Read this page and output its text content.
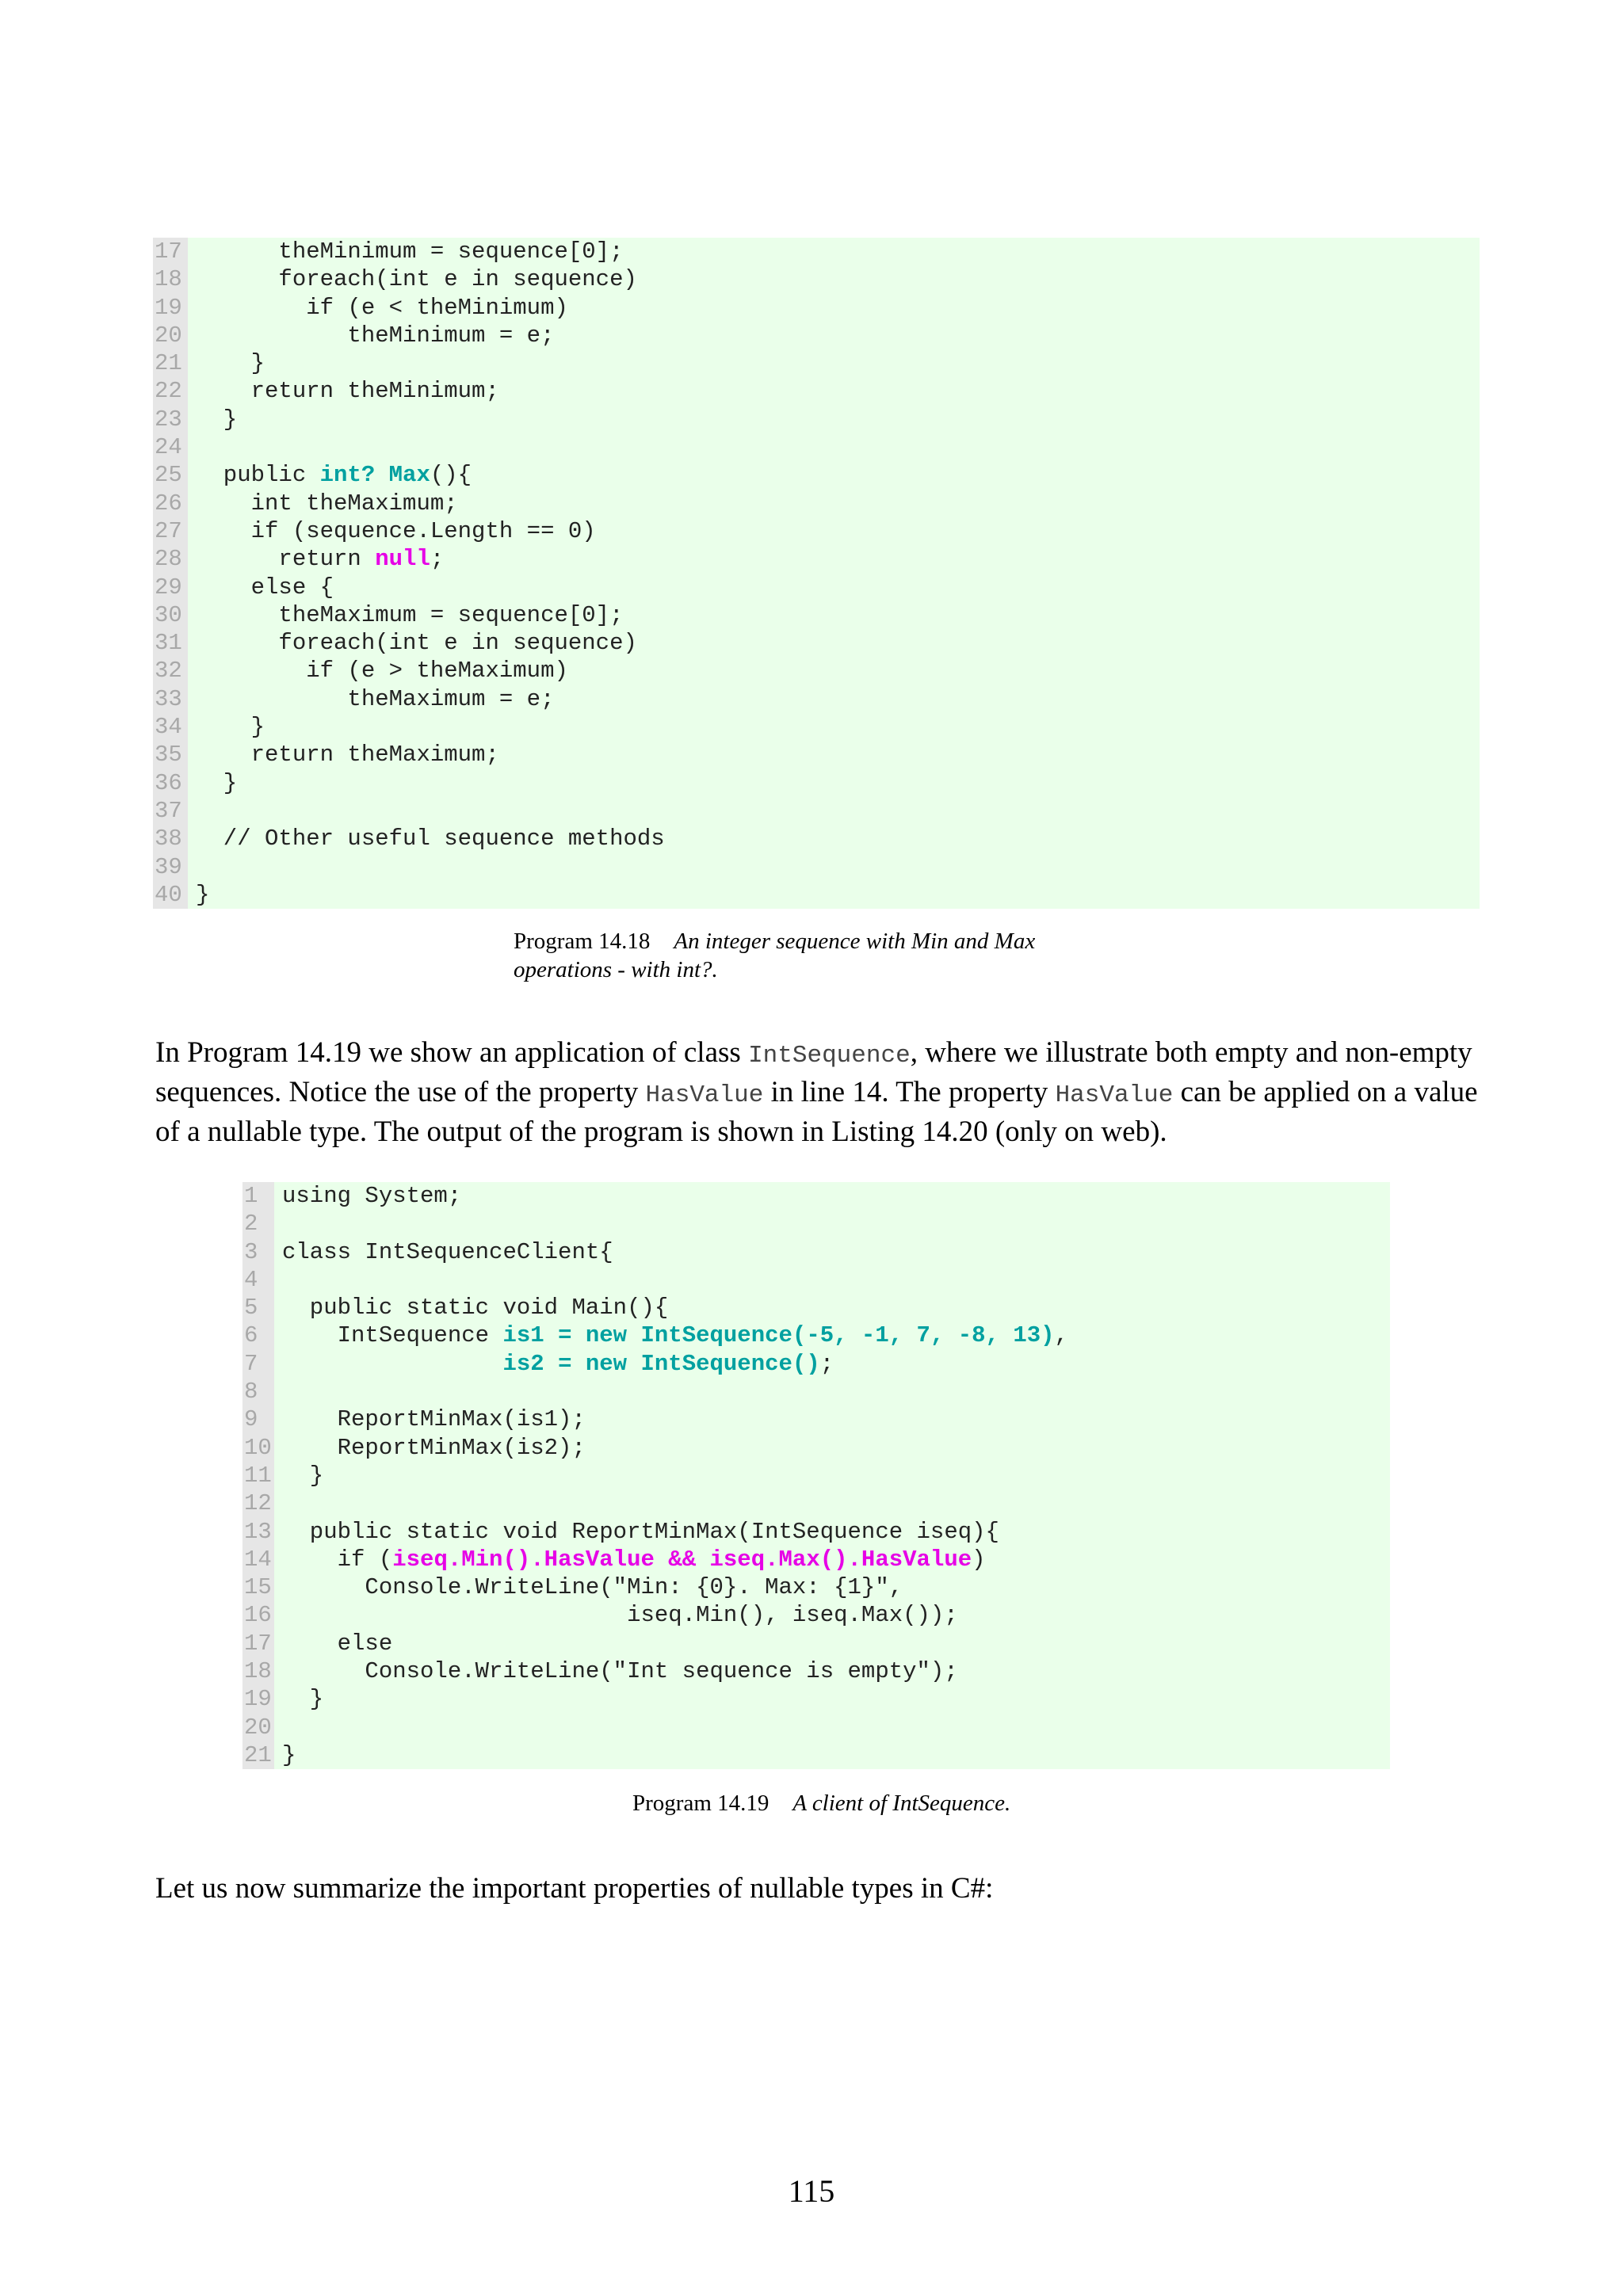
17 theMinimum = sequence[0];
18 foreach(int e in sequence)
19 if (e < theMinimum)
20 theMinimum = e;
21 }
22 return theMinimum;
23 }
24
25 public int? Max(){
26 int theMaximum;
27 if (sequence.Length == 0)
28 return null;
29 else {
30 theMaximum = sequence[0];
31 foreach(int e in sequence)
32 if (e > theMaximum)
33 theMaximum = e;
34 }
35 return theMaximum;
36 }
37
38 // Other useful sequence methods
39
40 }
Program 14.18 An integer sequence with Min and Max
operations - with int?.
In Program 14.19 we show an application of class IntSequence, where we illustrate both empty and non-empty sequences. Notice the use of the property HasValue in line 14. The property HasValue can be applied on a value of a nullable type. The output of the program is shown in Listing 14.20 (only on web).
1	using System;
2
3	class IntSequenceClient{
4
5	public static void Main(){
6	IntSequence is1 = new IntSequence(-5, -1, 7, -8, 13),
7	is2 = new IntSequence();
8
9	ReportMinMax(is1);
10 ReportMinMax(is2);
11 }
12
13 public static void ReportMinMax(IntSequence iseq){
14 if (iseq.Min().HasValue && iseq.Max().HasValue)
15 Console.WriteLine("Min: {0}. Max: {1}",
16 iseq.Min(), iseq.Max());
17 else
18 Console.WriteLine("Int sequence is empty");
19 }
20
21 }
Program 14.19 A client of IntSequence.
Let us now summarize the important properties of nullable types in C#:
115
